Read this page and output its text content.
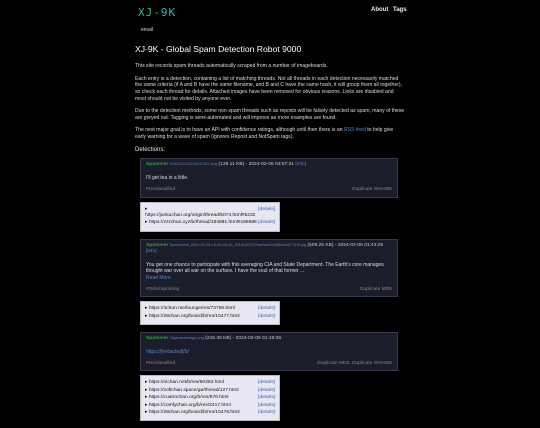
XJ-9K
email
About Tags
XJ-9K - Global Spam Detection Robot 9000

This site records spam threads automatically scraped from a number of imageboards.

Each entry is a detection, containing a list of matching threads. Not all threads in each detection necessarily matched the same criteria (if A and B have the same filename, and B and C have the same hash, it will group them all together), so check each thread for details. Attached images have been removed for obvious reasons. Links are disabled and most should not be visited by anyone ever.

Due to the detection methods, some non-spam threads such as reposts will be falsely detected as spam, many of these are greyed out. Tagging is semi-automated and will improve as more examples are found.

The next major goal is to have an API with confidence ratings, although until then there is an RSS feed to help give early warning for a wave of spam (ignores Repost and NotSpam tags).

Detections:
Spammer 0132010125215312312.png (138.11 KB) - 2024-02-06 03:57:31 [info]
I'll get tea in a little.
#Unclassified	Duplicate SHA256
▸ https://junkuchan.org/origin/thread/5074.html#5232
[details]
▸ https://zzzchan.xyz/b/thread/184881.html#186988 [details]
Spammer Screenshot_2024-02-05-16-49-44-40_40184257297ae0ab618fd8ba2d57719f.jpg (509.25 KB) - 2024-02-06 01:43:25 [info]
You get one chance to participate with this averaging CIA and State Department. The Earth's core manages thought war over all war on the surface. I have the soul of that former ...
Read More
#Schizoposting	Duplicate MD5
▸ https://4chon.me/lounge/res/73756.html	[details]
▸ https://28chan.org/board/b/res/10477.html	[details]
Spammer ClipboardImage.png (215.36 KB) - 2024-02-06 01:19:36
https://[redacted]/b/
#Unclassified	Duplicate MD5, Duplicate SHA256
▸ https://nichan.net/b/res/50363.html	[details]
▸ https://softchan.space/ga/thread/127.html	[details]
▸ https://cuatrochan.org/b/res/876.html	[details]
▸ https://comfychan.org/b/res/2417.html	[details]
▸ https://28chan.org/board/b/res/10476.html	[details]
